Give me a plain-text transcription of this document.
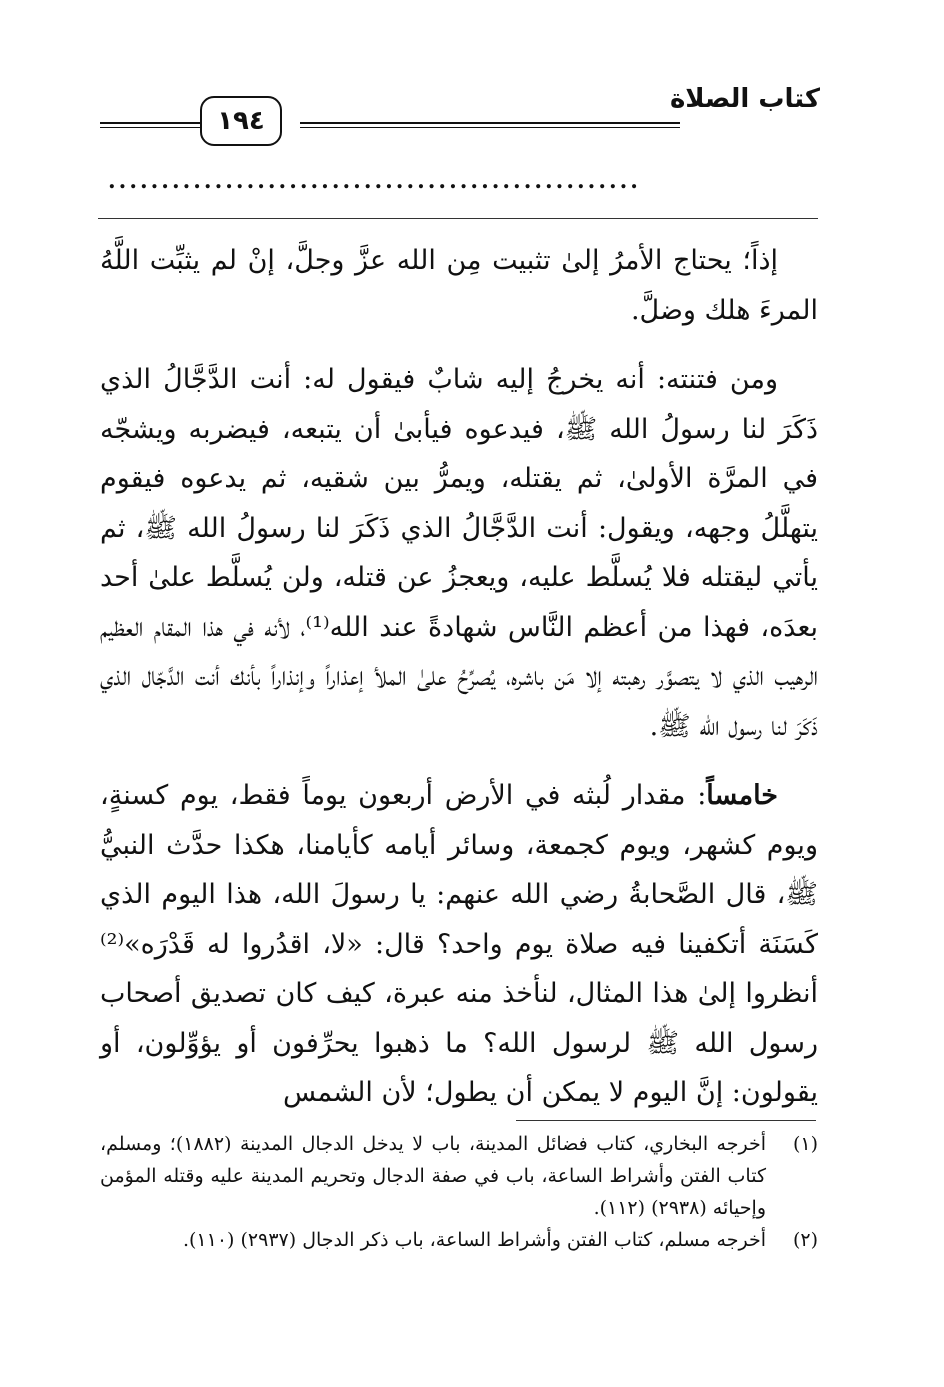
١٩٤
كتاب الصلاة
..................................................

إذاً؛ يحتاج الأمرُ إلىٰ تثبيت مِن الله عزَّ وجلَّ، إنْ لم يثبِّت اللَّهُ المرءَ هلك وضلَّ.

ومن فتنته: أنه يخرجُ إليه شابٌ فيقول له: أنت الدَّجَّالُ الذي ذَكَرَ لنا رسولُ الله ﷺ، فيدعوه فيأبىٰ أن يتبعه، فيضربه ويشجّه في المرَّة الأولىٰ، ثم يقتله، ويمرُّ بين شقيه، ثم يدعوه فيقوم يتهلَّلُ وجهه، ويقول: أنت الدَّجَّالُ الذي ذَكَرَ لنا رسولُ الله ﷺ، ثم يأتي ليقتله فلا يُسلَّط عليه، ويعجزُ عن قتله، ولن يُسلَّط علىٰ أحد بعدَه، فهذا من أعظم النَّاس شهادةً عند الله⁽¹⁾، لأنه في هذا المقام العظيم الرهيب الذي لا يتصوَّر رهبته إلا مَن باشره، يُصرِّحُ علىٰ الملأ إعذاراً وإنذاراً بأنك أنت الدَّجّال الذي ذَكَرَ لنا رسول الله ﷺ.

خامساً: مقدار لُبثه في الأرض أربعون يوماً فقط، يوم كسنةٍ، ويوم كشهر، ويوم كجمعة، وسائر أيامه كأيامنا، هكذا حدَّث النبيُّ ﷺ، قال الصَّحابةُ رضي الله عنهم: يا رسولَ الله، هذا اليوم الذي كَسَنَة أتكفينا فيه صلاة يوم واحد؟ قال: «لا، اقدُروا له قَدْرَه»⁽²⁾ أنظروا إلىٰ هذا المثال، لنأخذ منه عبرة، كيف كان تصديق أصحاب رسول الله ﷺ لرسول الله؟ ما ذهبوا يحرِّفون أو يؤوِّلون، أو يقولون: إنَّ اليوم لا يمكن أن يطول؛ لأن الشمس

(١)
أخرجه البخاري، كتاب فضائل المدينة، باب لا يدخل الدجال المدينة (١٨٨٢)؛ ومسلم، كتاب الفتن وأشراط الساعة، باب في صفة الدجال وتحريم المدينة عليه وقتله المؤمن وإحيائه (٢٩٣٨) (١١٢).
(٢)
أخرجه مسلم، كتاب الفتن وأشراط الساعة، باب ذكر الدجال (٢٩٣٧) (١١٠).
